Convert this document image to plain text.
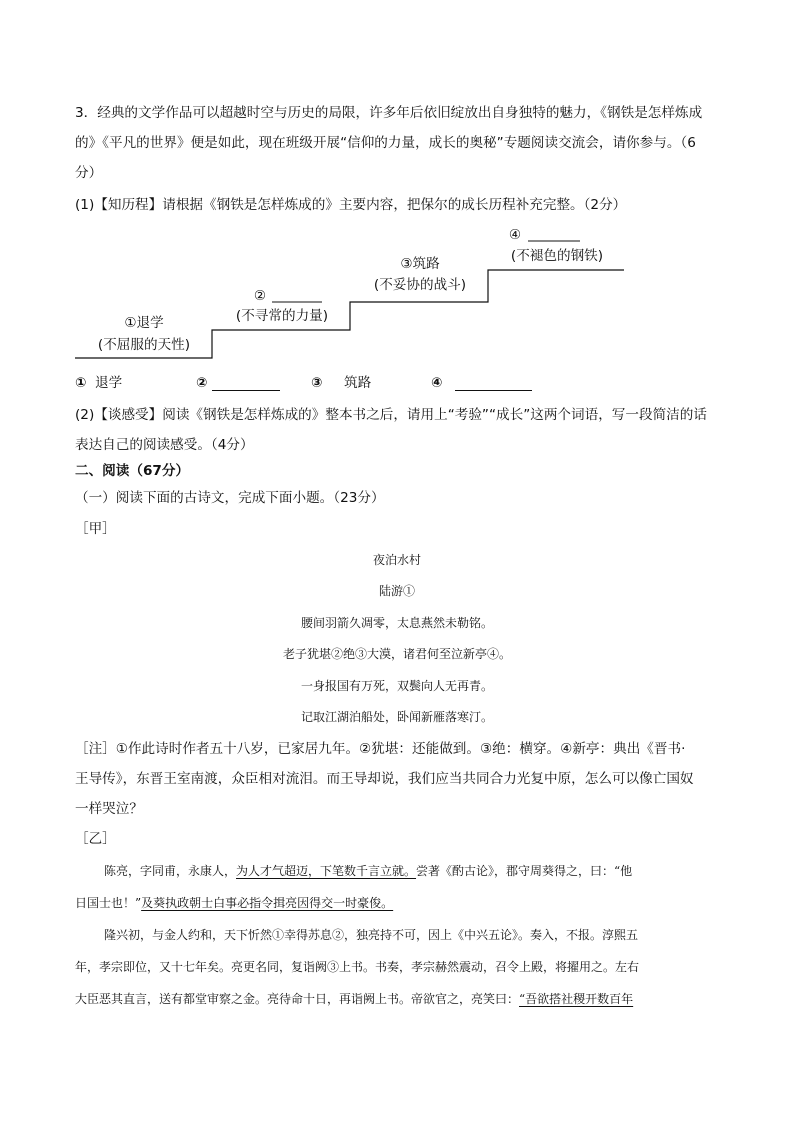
3．经典的文学作品可以超越时空与历史的局限，许多年后依旧绽放出自身独特的魅力，《钢铁是怎样炼成
的》《平凡的世界》便是如此，现在班级开展“信仰的力量，成长的奥秘”专题阅读交流会，请你参与。（6
分）
(1)【知历程】请根据《钢铁是怎样炼成的》主要内容，把保尔的成长历程补充完整。（2分）
①退学
(不屈服的天性)
②
(不寻常的力量)
③筑路
(不妥协的战斗)
④
(不褪色的钢铁)
① 退学	②	③ 筑路	④
(2)【谈感受】阅读《钢铁是怎样炼成的》整本书之后，请用上“考验”“成长”这两个词语，写一段简洁的话
表达自己的阅读感受。（4分）
二、阅读（67分）
（一）阅读下面的古诗文，完成下面小题。（23分）
［甲］
夜泊水村
陆游①
腰间羽箭久凋零，太息燕然未勒铭。
老子犹堪②绝③大漠，诸君何至泣新亭④。
一身报国有万死，双鬓向人无再青。
记取江湖泊船处，卧闻新雁落寒汀。
［注］①作此诗时作者五十八岁，已家居九年。②犹堪：还能做到。③绝：横穿。④新亭：典出《晋书·
王导传》，东晋王室南渡，众臣相对流泪。而王导却说，我们应当共同合力光复中原，怎么可以像亡国奴
一样哭泣？
［乙］
陈亮，字同甫，永康人，为人才气超迈，下笔数千言立就。尝著《酌古论》，郡守周葵得之，曰：“他
日国士也！”及葵执政朝士白事必指令揖亮因得交一时豪俊。
隆兴初，与金人约和，天下忻然①幸得苏息②，独亮持不可，因上《中兴五论》。奏入，不报。淳熙五
年，孝宗即位，又十七年矣。亮更名同，复诣阙③上书。书奏，孝宗赫然震动，召令上殿，将擢用之。左右
大臣恶其直言，送有都堂审察之金。亮待命十日，再诣阙上书。帝欲官之，亮笑曰：“吾欲搭社稷开数百年
